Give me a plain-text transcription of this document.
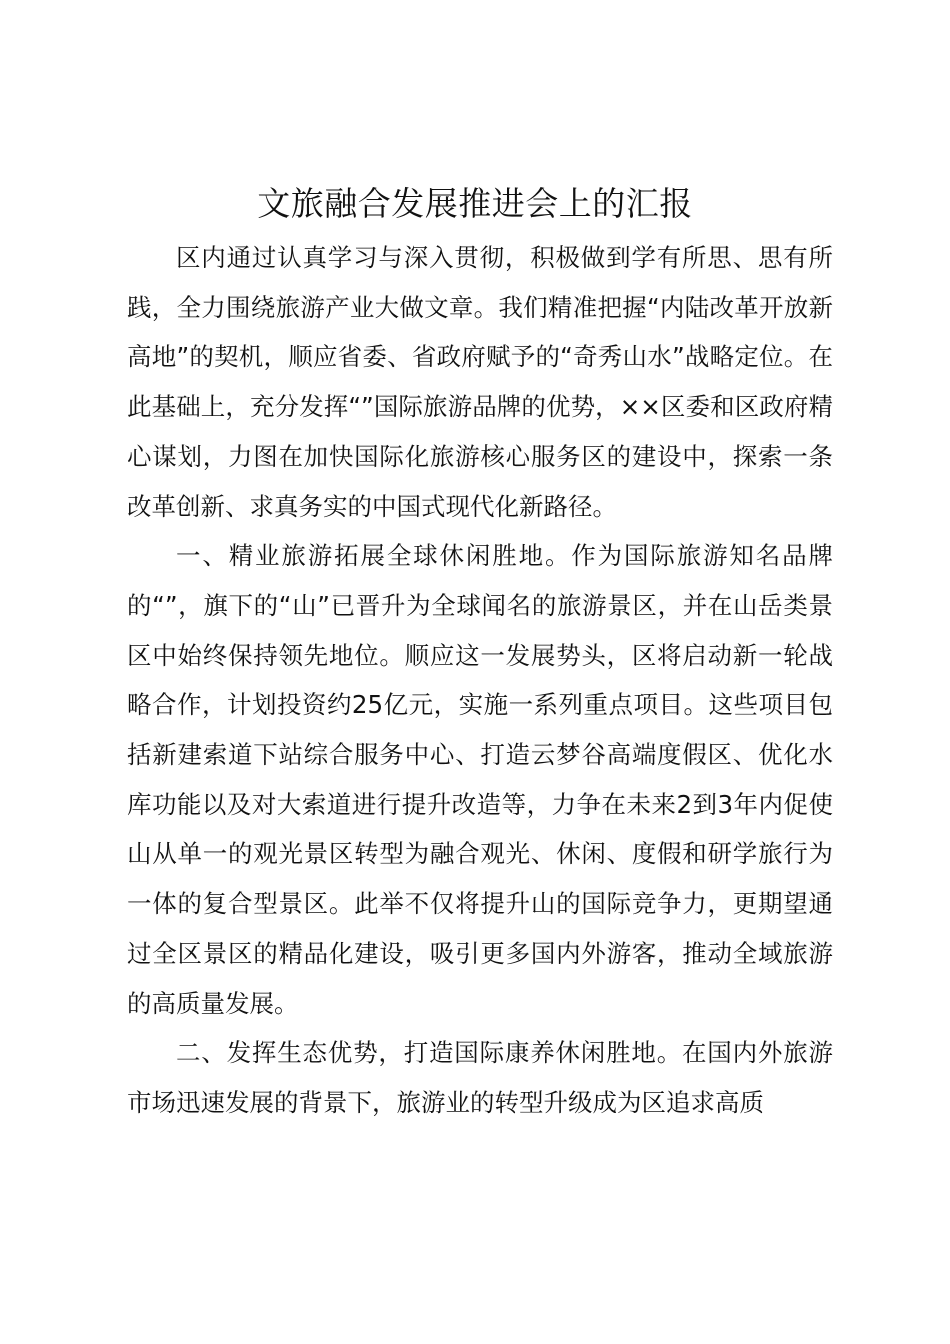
文旅融合发展推进会上的汇报

区内通过认真学习与深入贯彻，积极做到学有所思、思有所践，全力围绕旅游产业大做文章。我们精准把握“内陆改革开放新高地”的契机，顺应省委、省政府赋予的“奇秀山水”战略定位。在此基础上，充分发挥“”国际旅游品牌的优势，××区委和区政府精心谋划，力图在加快国际化旅游核心服务区的建设中，探索一条改革创新、求真务实的中国式现代化新路径。

一、精业旅游拓展全球休闲胜地。作为国际旅游知名品牌的“”，旗下的“山”已晋升为全球闻名的旅游景区，并在山岳类景区中始终保持领先地位。顺应这一发展势头，区将启动新一轮战略合作，计划投资约25亿元，实施一系列重点项目。这些项目包括新建索道下站综合服务中心、打造云梦谷高端度假区、优化水库功能以及对大索道进行提升改造等，力争在未来2到3年内促使山从单一的观光景区转型为融合观光、休闲、度假和研学旅行为一体的复合型景区。此举不仅将提升山的国际竞争力，更期望通过全区景区的精品化建设，吸引更多国内外游客，推动全域旅游的高质量发展。

二、发挥生态优势，打造国际康养休闲胜地。在国内外旅游市场迅速发展的背景下，旅游业的转型升级成为区追求高质
